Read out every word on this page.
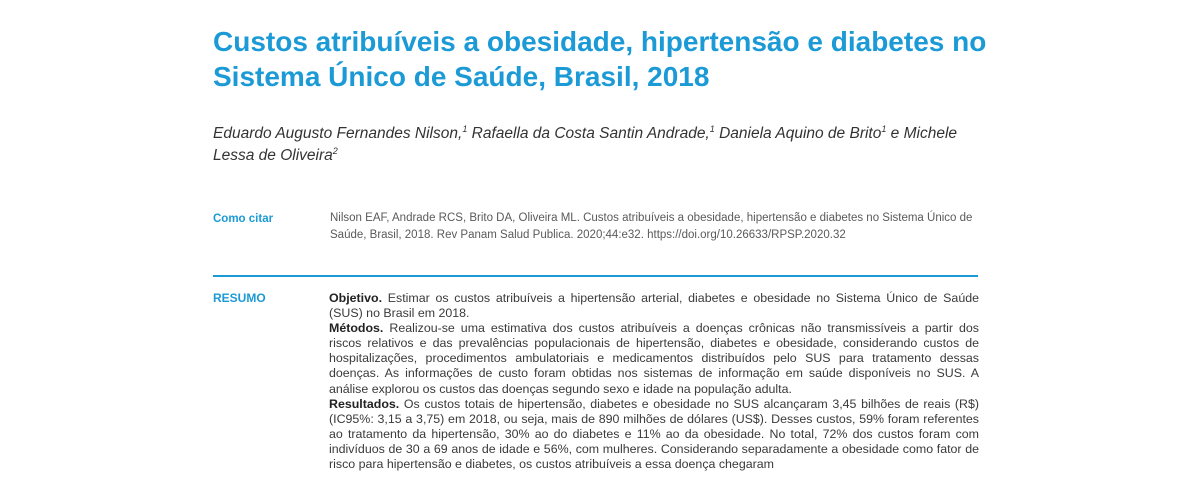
Custos atribuíveis a obesidade, hipertensão e diabetes no Sistema Único de Saúde, Brasil, 2018
Eduardo Augusto Fernandes Nilson,$^1$ Rafaella da Costa Santin Andrade,$^1$ Daniela Aquino de Brito$^1$ e Michele Lessa de Oliveira$^2$
Como citar	Nilson EAF, Andrade RCS, Brito DA, Oliveira ML. Custos atribuíveis a obesidade, hipertensão e diabetes no Sistema Único de Saúde, Brasil, 2018. Rev Panam Salud Publica. 2020;44:e32. https://doi.org/10.26633/RPSP.2020.32
RESUMO	Objetivo. Estimar os custos atribuíveis a hipertensão arterial, diabetes e obesidade no Sistema Único de Saúde (SUS) no Brasil em 2018.

Métodos. Realizou-se uma estimativa dos custos atribuíveis a doenças crônicas não transmissíveis a partir dos riscos relativos e das prevalências populacionais de hipertensão, diabetes e obesidade, considerando custos de hospitalizações, procedimentos ambulatoriais e medicamentos distribuídos pelo SUS para tratamento dessas doenças. As informações de custo foram obtidas nos sistemas de informação em saúde disponíveis no SUS. A análise explorou os custos das doenças segundo sexo e idade na população adulta.

Resultados. Os custos totais de hipertensão, diabetes e obesidade no SUS alcançaram 3,45 bilhões de reais (R$) (IC95%: 3,15 a 3,75) em 2018, ou seja, mais de 890 milhões de dólares (US$). Desses custos, 59% foram referentes ao tratamento da hipertensão, 30% ao do diabetes e 11% ao da obesidade. No total, 72% dos custos foram com indivíduos de 30 a 69 anos de idade e 56%, com mulheres. Considerando separadamente a obesidade como fator de risco para hipertensão e diabetes, os custos atribuíveis a essa doença chegaram
